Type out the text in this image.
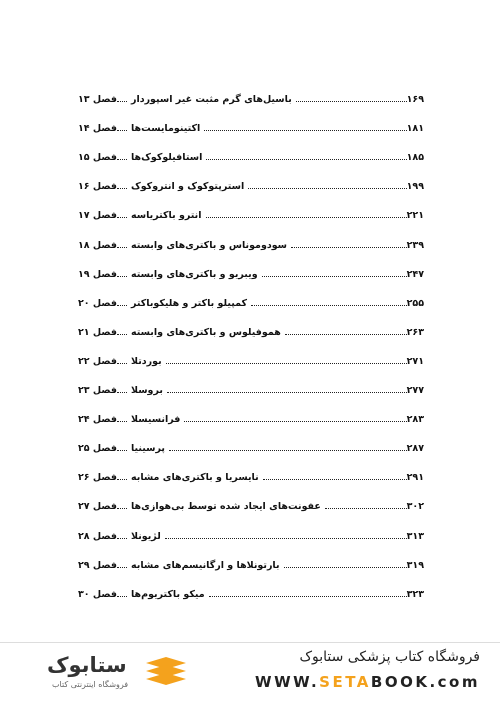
فصل ۱۳	باسیل‌های گرم مثبت غیر اسپوردار	۱۶۹
فصل ۱۴	اکتینومایست‌ها	۱۸۱
فصل ۱۵	استافیلوکوک‌ها	۱۸۵
فصل ۱۶	استرپتوکوک و انتروکوک	۱۹۹
فصل ۱۷	انترو باکتریاسه	۲۲۱
فصل ۱۸	سودوموناس و باکتری‌های وابسته	۲۳۹
فصل ۱۹	ویبریو و باکتری‌های وابسته	۲۴۷
فصل ۲۰	کمپیلو باکتر و هلیکوباکتر	۲۵۵
فصل ۲۱	هموفیلوس و باکتری‌های وابسته	۲۶۳
فصل ۲۲	بوردتلا	۲۷۱
فصل ۲۳	بروسلا	۲۷۷
فصل ۲۴	فرانسیسلا	۲۸۳
فصل ۲۵	پرسینیا	۲۸۷
فصل ۲۶	نایسریا و باکتری‌های مشابه	۲۹۱
فصل ۲۷	عفونت‌های ایجاد شده توسط بی‌هوازی‌ها	۳۰۲
فصل ۲۸	لژیونلا	۳۱۳
فصل ۲۹	بارتونلاها و ارگانیسم‌های مشابه	۳۱۹
فصل ۳۰	میکو باکتریوم‌ها	۳۲۳
ستابوک
فروشگاه اینترنتی کتاب
فروشگاه کتاب پزشکی ستابوک
WWW.SETABOOK.com
